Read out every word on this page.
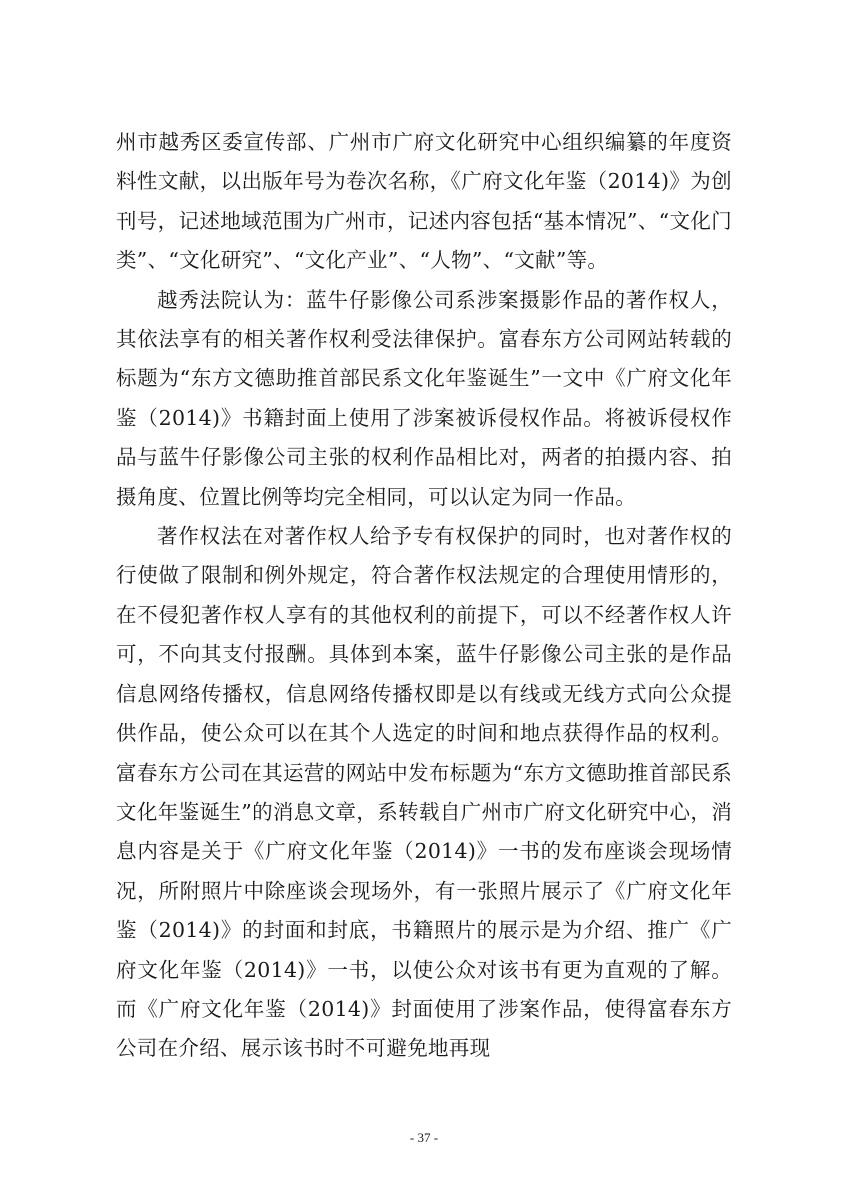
州市越秀区委宣传部、广州市广府文化研究中心组织编纂的年度资料性文献，以出版年号为卷次名称，《广府文化年鉴（2014)》为创刊号，记述地域范围为广州市，记述内容包括“基本情况”、“文化门类”、“文化研究”、“文化产业”、“人物”、“文献”等。

越秀法院认为：蓝牛仔影像公司系涉案摄影作品的著作权人，其依法享有的相关著作权利受法律保护。富春东方公司网站转载的标题为“东方文德助推首部民系文化年鉴诞生”一文中《广府文化年鉴（2014)》书籍封面上使用了涉案被诉侵权作品。将被诉侵权作品与蓝牛仔影像公司主张的权利作品相比对，两者的拍摄内容、拍摄角度、位置比例等均完全相同，可以认定为同一作品。

著作权法在对著作权人给予专有权保护的同时，也对著作权的行使做了限制和例外规定，符合著作权法规定的合理使用情形的，在不侵犯著作权人享有的其他权利的前提下，可以不经著作权人许可，不向其支付报酬。具体到本案，蓝牛仔影像公司主张的是作品信息网络传播权，信息网络传播权即是以有线或无线方式向公众提供作品，使公众可以在其个人选定的时间和地点获得作品的权利。富春东方公司在其运营的网站中发布标题为“东方文德助推首部民系文化年鉴诞生”的消息文章，系转载自广州市广府文化研究中心，消息内容是关于《广府文化年鉴（2014)》一书的发布座谈会现场情况，所附照片中除座谈会现场外，有一张照片展示了《广府文化年鉴（2014)》的封面和封底，书籍照片的展示是为介绍、推广《广府文化年鉴（2014)》一书，以使公众对该书有更为直观的了解。而《广府文化年鉴（2014)》封面使用了涉案作品，使得富春东方公司在介绍、展示该书时不可避免地再现

- 37 -
